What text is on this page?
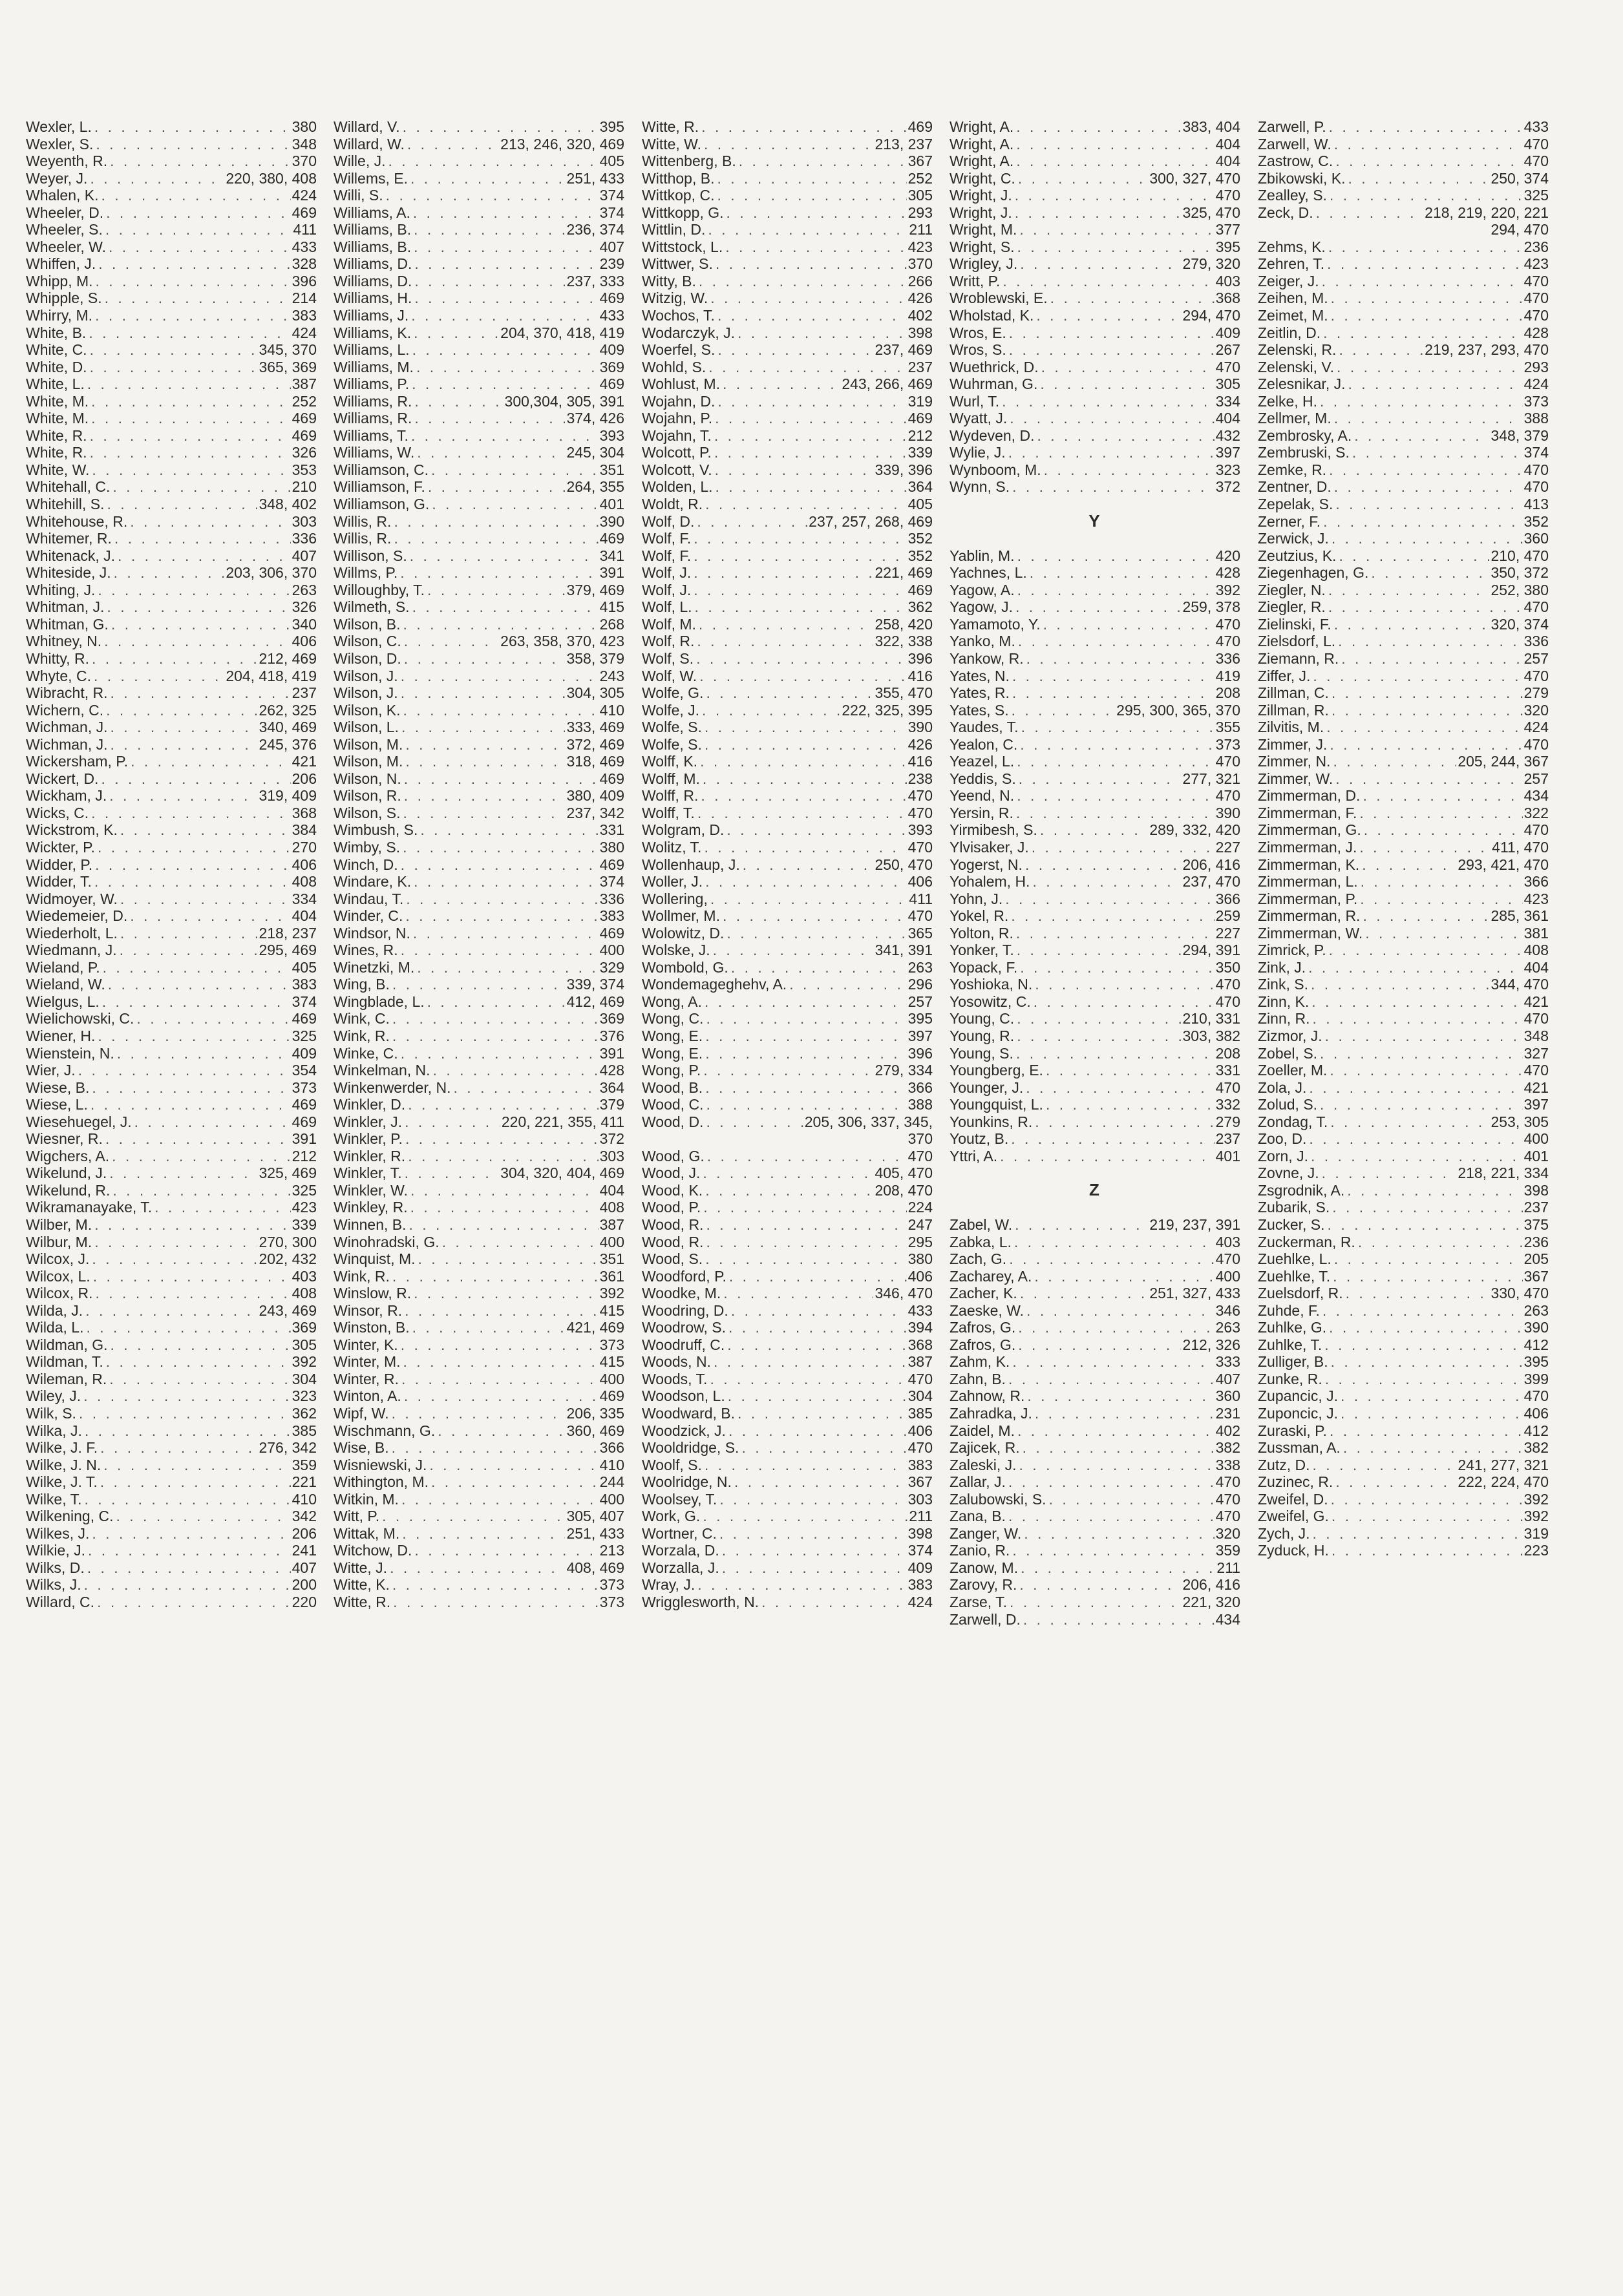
Wexler, L. . . .	380
Wexler, S. . . .	348
Weyenth, R. . . .	370
Weyer, J. . . .	220, 380, 408
Whalen, K. . . .	424
Wheeler, D. . . .	469
Wheeler, S. . . .	411
Wheeler, W. . . .	433
Whiffen, J. . . .	328
Whipp, M. . . .	396
Whipple, S. . . .	214
Whirry, M. . . .	383
White, B. . . .	424
White, C. . . .	345, 370
White, D. . . .	365, 369
White, L. . . .	387
White, M. . . .	252
White, M. . . .	469
White, R. . . .	469
White, R. . . .	326
White, W. . . .	353
Whitehall, C. . . .	210
Whitehill, S. . . .	348, 402
Whitehouse, R. . . .	303
Whitemer, R. . . .	336
Whitenack, J. . . .	407
Whiteside, J. . . .	203, 306, 370
Whiting, J. . . .	263
Whitman, J. . . .	326
Whitman, G. . . .	340
Whitney, N. . . .	406
Whitty, R. . . .	212, 469
Whyte, C. . . .	204, 418, 419
Wibracht, R. . . .	237
Wichern, C. . . .	262, 325
Wichman, J. . . .	340, 469
Wichman, J. . . .	245, 376
Wickersham, P. . . .	421
Wickert, D. . . .	206
Wickham, J. . . .	319, 409
Wicks, C. . . .	368
Wickstrom, K. . . .	384
Wickter, P. . . .	270
Widder, P. . . .	406
Widder, T. . . .	408
Widmoyer, W. . . .	334
Wiedemeier, D. . . .	404
Wiederholt, L. . . .	218, 237
Wiedmann, J. . . .	295, 469
Wieland, P. . . .	405
Wieland, W. . . .	383
Wielgus, L. . . .	374
Wielichowski, C. . . .	469
Wiener, H. . . .	325
Wienstein, N. . . .	409
Wier, J. . . .	354
Wiese, B. . . .	373
Wiese, L. . . .	469
Wiesehuegel, J. . . .	469
Wiesner, R. . . .	391
Wigchers, A. . . .	212
Wikelund, J. . . .	325, 469
Wikelund, R. . . .	325
Wikramanayake, T. . . .	423
Wilber, M. . . .	339
Wilbur, M. . . .	270, 300
Wilcox, J. . . .	202, 432
Wilcox, L. . . .	403
Wilcox, R. . . .	408
Wilda, J. . . .	243, 469
Wilda, L. . . .	369
Wildman, G. . . .	305
Wildman, T. . . .	392
Wileman, R. . . .	304
Wiley, J. . . .	323
Wilk, S. . . .	362
Wilka, J. . . .	385
Wilke, J. F. . . .	276, 342
Wilke, J. N. . . .	359
Wilke, J. T. . . .	221
Wilke, T. . . .	410
Wilkening, C. . . .	342
Wilkes, J. . . .	206
Wilkie, J. . . .	241
Wilks, D. . . .	407
Wilks, J. . . .	200
Willard, C. . . .	220
Willard, V. . . .	395
Willard, W. . . .	213, 246, 320, 469
Wille, J. . . .	405
Willems, E. . . .	251, 433
Willi, S. . . .	374
Williams, A. . . .	374
Williams, B. . . .	236, 374
Williams, B. . . .	407
Williams, D. . . .	239
Williams, D. . . .	237, 333
Williams, H. . . .	469
Williams, J. . . .	433
Williams, K. . . .	204, 370, 418, 419
Williams, L. . . .	409
Williams, M. . . .	369
Williams, P. . . .	469
Williams, R. . . .	300,304, 305, 391
Williams, R. . . .	374, 426
Williams, T. . . .	393
Williams, W. . . .	245, 304
Williamson, C. . . .	351
Williamson, F. . . .	264, 355
Williamson, G. . . .	401
Willis, R. . . .	390
Willis, R. . . .	469
Willison, S. . . .	341
Willms, P. . . .	391
Willoughby, T. . . .	379, 469
Wilmeth, S. . . .	415
Wilson, B. . . .	268
Wilson, C. . . .	263, 358, 370, 423
Wilson, D. . . .	358, 379
Wilson, J. . . .	243
Wilson, J. . . .	304, 305
Wilson, K. . . .	410
Wilson, L. . . .	333, 469
Wilson, M. . . .	372, 469
Wilson, M. . . .	318, 469
Wilson, N. . . .	469
Wilson, R. . . .	380, 409
Wilson, S. . . .	237, 342
Wimbush, S. . . .	331
Wimby, S. . . .	380
Winch, D. . . .	469
Windare, K. . . .	374
Windau, T. . . .	336
Winder, C. . . .	383
Windsor, N. . . .	469
Wines, R. . . .	400
Winetzki, M. . . .	329
Wing, B. . . .	339, 374
Wingblade, L. . . .	412, 469
Wink, C. . . .	369
Wink, R. . . .	376
Winke, C. . . .	391
Winkelman, N. . . .	428
Winkenwerder, N. . . .	364
Winkler, D. . . .	379
Winkler, J. . . .	220, 221, 355, 411
Winkler, P. . . .	372
Winkler, R. . . .	303
Winkler, T. . . .	304, 320, 404, 469
Winkler, W. . . .	404
Winkley, R. . . .	408
Winnen, B. . . .	387
Winohradski, G. . . .	400
Winquist, M. . . .	351
Wink, R. . . .	361
Winslow, R. . . .	392
Winsor, R. . . .	415
Winston, B. . . .	421, 469
Winter, K. . . .	373
Winter, M. . . .	415
Winter, R. . . .	400
Winton, A. . . .	469
Wipf, W. . . .	206, 335
Wischmann, G. . . .	360, 469
Wise, B. . . .	366
Wisniewski, J. . . .	410
Withington, M. . . .	244
Witkin, M. . . .	400
Witt, P. . . .	305, 407
Wittak, M. . . .	251, 433
Witchow, D. . . .	213
Witte, J. . . .	408, 469
Witte, K. . . .	373
Witte, R. . . .	373
Witte, R. . . .	469
Witte, W. . . .	213, 237
Wittenberg, B. . . .	367
Witthop, B. . . .	252
Wittkop, C. . . .	305
Wittkopp, G. . . .	293
Wittlin, D. . . .	211
Wittstock, L. . . .	423
Wittwer, S. . . .	370
Witty, B. . . .	266
Witzig, W. . . .	426
Wochos, T. . . .	402
Wodarczyk, J. . . .	398
Woerfel, S. . . .	237, 469
Wohld, S. . . .	237
Wohlust, M. . . .	243, 266, 469
Wojahn, D. . . .	319
Wojahn, P. . . .	469
Wojahn, T. . . .	212
Wolcott, P. . . .	339
Wolcott, V. . . .	339, 396
Wolden, L. . . .	364
Woldt, R. . . .	405
Wolf, D. . . .	237, 257, 268, 469
Wolf, F. . . .	352
Wolf, F. . . .	352
Wolf, J. . . .	221, 469
Wolf, J. . . .	469
Wolf, L. . . .	362
Wolf, M. . . .	258, 420
Wolf, R. . . .	322, 338
Wolf, S. . . .	396
Wolf, W. . . .	416
Wolfe, G. . . .	355, 470
Wolfe, J. . . .	222, 325, 395
Wolfe, S. . . .	390
Wolfe, S. . . .	426
Wolff, K. . . .	416
Wolff, M. . . .	238
Wolff, R. . . .	470
Wolff, T. . . .	470
Wolgram, D. . . .	393
Wolitz, T. . . .	470
Wollenhaup, J. . . .	250, 470
Woller, J. . . .	406
Wollering, . . .	411
Wollmer, M. . . .	470
Wolowitz, D. . . .	365
Wolske, J. . . .	341, 391
Wombold, G. . . .	263
Wondemageghehv, A. . . .	296
Wong, A. . . .	257
Wong, C. . . .	395
Wong, E. . . .	397
Wong, E. . . .	396
Wong, P. . . .	279, 334
Wood, B. . . .	366
Wood, C. . . .	388
Wood, D. . . .	205, 306, 337, 345,
370
Wood, G. . . .	470
Wood, J. . . .	405, 470
Wood, K. . . .	208, 470
Wood, P. . . .	224
Wood, R. . . .	247
Wood, R. . . .	295
Wood, S. . . .	380
Woodford, P. . . .	406
Woodke, M. . . .	346, 470
Woodring, D. . . .	433
Woodrow, S. . . .	394
Woodruff, C. . . .	368
Woods, N. . . .	387
Woods, T. . . .	470
Woodson, L. . . .	304
Woodward, B. . . .	385
Woodzick, J. . . .	406
Wooldridge, S. . . .	470
Woolf, S. . . .	383
Woolridge, N. . . .	367
Woolsey, T. . . .	303
Work, G. . . .	211
Wortner, C. . . .	398
Worzala, D. . . .	374
Worzalla, J. . . .	409
Wray, J. . . .	383
Wrigglesworth, N. . . .	424
Wright, A. . . .	383, 404
Wright, A. . . .	404
Wright, A. . . .	404
Wright, C. . . .	300, 327, 470
Wright, J. . . .	470
Wright, J. . . .	325, 470
Wright, M. . . .	377
Wright, S. . . .	395
Wrigley, J. . . .	279, 320
Writt, P. . . .	403
Wroblewski, E. . . .	368
Wholstad, K. . . .	294, 470
Wros, E. . . .	409
Wros, S. . . .	267
Wuethrick, D. . . .	470
Wuhrman, G. . . .	305
Wurl, T. . . .	334
Wyatt, J. . . .	404
Wydeven, D. . . .	432
Wylie, J. . . .	397
Wynboom, M. . . .	323
Wynn, S. . . .	372
Y
Yablin, M. . . .	420
Yachnes, L. . . .	428
Yagow, A. . . .	392
Yagow, J. . . .	259, 378
Yamamoto, Y. . . .	470
Yanko, M. . . .	470
Yankow, R. . . .	336
Yates, N. . . .	419
Yates, R. . . .	208
Yates, S. . . .	295, 300, 365, 370
Yaudes, T. . . .	355
Yealon, C. . . .	373
Yeazel, L. . . .	470
Yeddis, S. . . .	277, 321
Yeend, N. . . .	470
Yersin, R. . . .	390
Yirmibesh, S. . . .	289, 332, 420
Ylvisaker, J. . . .	227
Yogerst, N. . . .	206, 416
Yohalem, H. . . .	237, 470
Yohn, J. . . .	366
Yokel, R. . . .	259
Yolton, R. . . .	227
Yonker, T. . . .	294, 391
Yopack, F. . . .	350
Yoshioka, N. . . .	470
Yosowitz, C. . . .	470
Young, C. . . .	210, 331
Young, R. . . .	303, 382
Young, S. . . .	208
Youngberg, E. . . .	331
Younger, J. . . .	470
Youngquist, L. . . .	332
Younkins, R. . . .	279
Youtz, B. . . .	237
Yttri, A. . . .	401
Z
Zabel, W. . . .	219, 237, 391
Zabka, L. . . .	403
Zach, G. . . .	470
Zacharey, A. . . .	400
Zacher, K. . . .	251, 327, 433
Zaeske, W. . . .	346
Zafros, G. . . .	263
Zafros, G. . . .	212, 326
Zahm, K. . . .	333
Zahn, B. . . .	407
Zahnow, R. . . .	360
Zahradka, J. . . .	231
Zaidel, M. . . .	402
Zajicek, R. . . .	382
Zaleski, J. . . .	338
Zallar, J. . . .	470
Zalubowski, S. . . .	470
Zana, B. . . .	470
Zanger, W. . . .	320
Zanio, R. . . .	359
Zanow, M. . . .	211
Zarovy, R. . . .	206, 416
Zarse, T. . . .	221, 320
Zarwell, D. . . .	434
Zarwell, P. . . .	433
Zarwell, W. . . .	470
Zastrow, C. . . .	470
Zbikowski, K. . . .	250, 374
Zealley, S. . . .	325
Zeck, D. . . .	218, 219, 220, 221
294, 470
Zehms, K. . . .	236
Zehren, T. . . .	423
Zeiger, J. . . .	470
Zeihen, M. . . .	470
Zeimet, M. . . .	470
Zeitlin, D. . . .	428
Zelenski, R. . . .	219, 237, 293, 470
Zelenski, V. . . .	293
Zelesnikar, J. . . .	424
Zelke, H. . . .	373
Zellmer, M. . . .	388
Zembrosky, A. . . .	348, 379
Zembruski, S. . . .	374
Zemke, R. . . .	470
Zentner, D. . . .	470
Zepelak, S. . . .	413
Zerner, F. . . .	352
Zerwick, J. . . .	360
Zeutzius, K. . . .	210, 470
Ziegenhagen, G. . . .	350, 372
Ziegler, N. . . .	252, 380
Ziegler, R. . . .	470
Zielinski, F. . . .	320, 374
Zielsdorf, L. . . .	336
Ziemann, R. . . .	257
Ziffer, J. . . .	470
Zillman, C. . . .	279
Zillman, R. . . .	320
Zilvitis, M. . . .	424
Zimmer, J. . . .	470
Zimmer, N. . . .	205, 244, 367
Zimmer, W. . . .	257
Zimmerman, D. . . .	434
Zimmerman, F. . . .	322
Zimmerman, G. . . .	470
Zimmerman, J. . . .	411, 470
Zimmerman, K. . . .	293, 421, 470
Zimmerman, L. . . .	366
Zimmerman, P. . . .	423
Zimmerman, R. . . .	285, 361
Zimmerman, W. . . .	381
Zimrick, P. . . .	408
Zink, J. . . .	404
Zink, S. . . .	344, 470
Zinn, K. . . .	421
Zinn, R. . . .	470
Zizmor, J. . . .	348
Zobel, S. . . .	327
Zoeller, M. . . .	470
Zola, J. . . .	421
Zolud, S. . . .	397
Zondag, T. . . .	253, 305
Zoo, D. . . .	400
Zorn, J. . . .	401
Zovne, J. . . .	218, 221, 334
Zsgrodnik, A. . . .	398
Zubarik, S. . . .	237
Zucker, S. . . .	375
Zuckerman, R. . . .	236
Zuehlke, L. . . .	205
Zuehlke, T. . . .	367
Zuelsdorf, R. . . .	330, 470
Zuhde, F. . . .	263
Zuhlke, G. . . .	390
Zuhlke, T. . . .	412
Zulliger, B. . . .	395
Zunke, R. . . .	399
Zupancic, J. . . .	470
Zuponcic, J. . . .	406
Zuraski, P. . . .	412
Zussman, A. . . .	382
Zutz, D. . . .	241, 277, 321
Zuzinec, R. . . .	222, 224, 470
Zweifel, D. . . .	392
Zweifel, G. . . .	392
Zych, J. . . .	319
Zyduck, H. . . .	223
